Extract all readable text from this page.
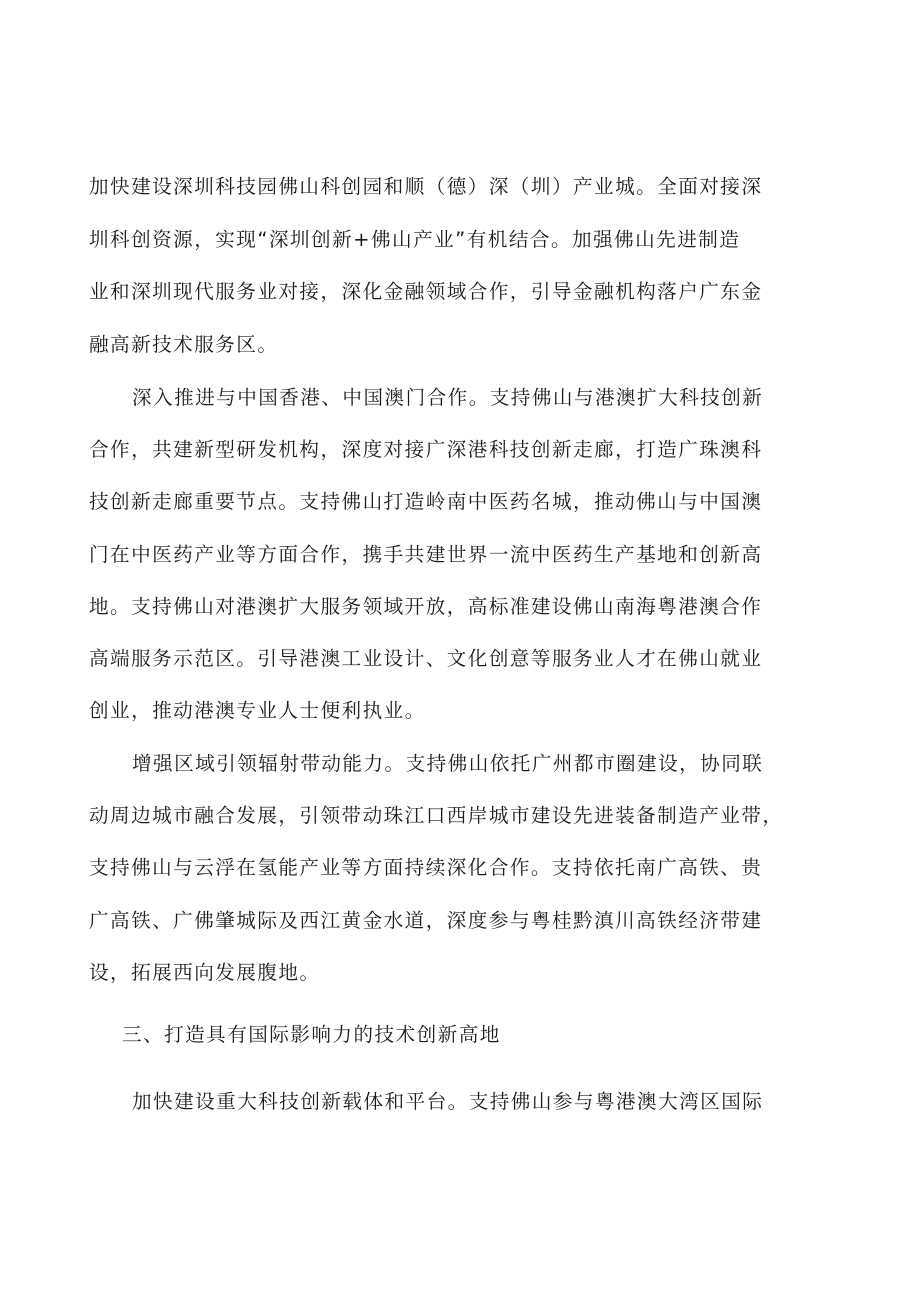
加快建设深圳科技园佛山科创园和顺（德）深（圳）产业城。全面对接深
圳科创资源，实现“深圳创新+佛山产业”有机结合。加强佛山先进制造
业和深圳现代服务业对接，深化金融领域合作，引导金融机构落户广东金
融高新技术服务区。
深入推进与中国香港、中国澳门合作。支持佛山与港澳扩大科技创新
合作，共建新型研发机构，深度对接广深港科技创新走廊，打造广珠澳科
技创新走廊重要节点。支持佛山打造岭南中医药名城，推动佛山与中国澳
门在中医药产业等方面合作，携手共建世界一流中医药生产基地和创新高
地。支持佛山对港澳扩大服务领域开放，高标准建设佛山南海粤港澳合作
高端服务示范区。引导港澳工业设计、文化创意等服务业人才在佛山就业
创业，推动港澳专业人士便利执业。
增强区域引领辐射带动能力。支持佛山依托广州都市圈建设，协同联
动周边城市融合发展，引领带动珠江口西岸城市建设先进装备制造产业带，
支持佛山与云浮在氢能产业等方面持续深化合作。支持依托南广高铁、贵
广高铁、广佛肇城际及西江黄金水道，深度参与粤桂黔滇川高铁经济带建
设，拓展西向发展腹地。
三、打造具有国际影响力的技术创新高地
加快建设重大科技创新载体和平台。支持佛山参与粤港澳大湾区国际
